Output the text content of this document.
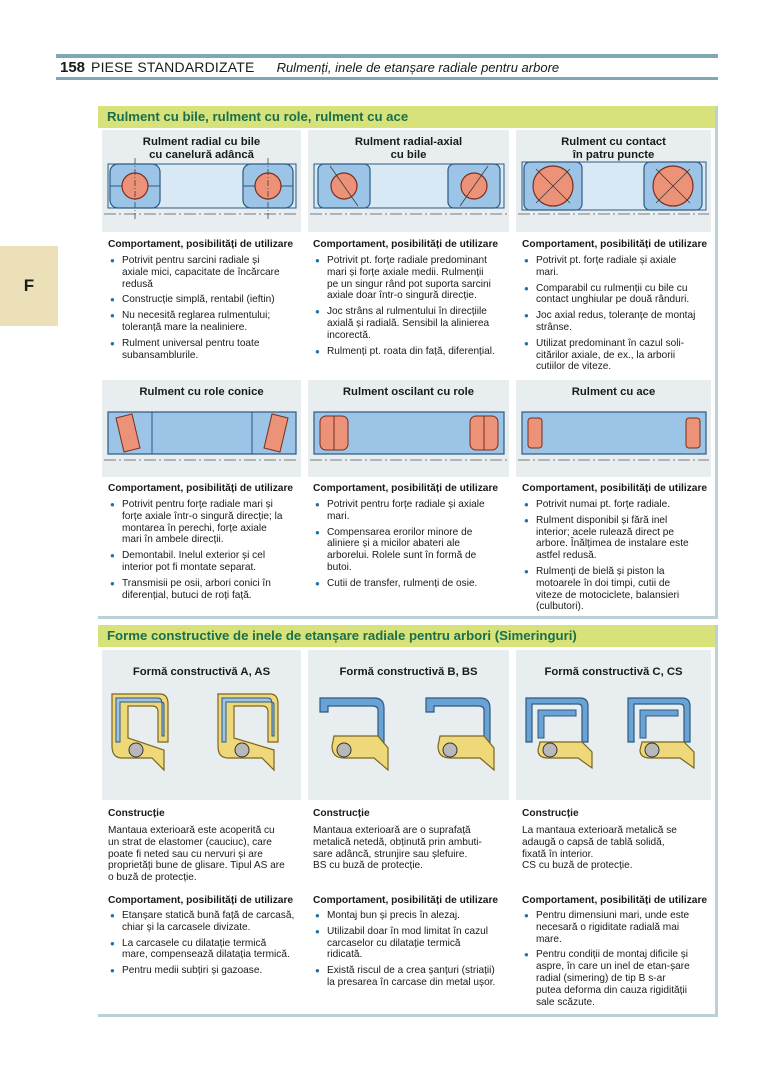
158 PIESE STANDARDIZATE Rulmenți, inele de etanșare radiale pentru arbore
F
Rulment cu bile, rulment cu role, rulment cu ace
Rulment radial cu bile
cu canelură adâncă
Rulment radial-axial
cu bile
Rulment cu contact
în patru puncte
Comportament, posibilități de utilizare
● Potrivit pentru sarcini radiale și
axiale mici, capacitate de încărcare
redusă
● Construcție simplă, rentabil (ieftin)
● Nu necesită reglarea rulmentului;
toleranță mare la nealiniere.
● Rulment universal pentru toate
subansamblurile.
Comportament, posibilități de utilizare
● Potrivit pt. forțe radiale predominant
mari și forțe axiale medii. Rulmenții
pe un singur rând pot suporta sarcini
axiale doar într-o singură direcție.
● Joc strâns al rulmentului în direcțiile
axială și radială. Sensibil la alinierea
incorectă.
● Rulmenți pt. roata din față, diferențial.
Comportament, posibilități de utilizare
● Potrivit pt. forțe radiale și axiale
mari.
● Comparabil cu rulmenții cu bile cu
contact unghiular pe două rânduri.
● Joc axial redus, toleranțe de montaj
strânse.
● Utilizat predominant în cazul soli-
citărilor axiale, de ex., la arborii
cutiilor de viteze.
Rulment cu role conice	Rulment oscilant cu role	Rulment cu ace
Comportament, posibilități de utilizare
● Potrivit pentru forțe radiale mari și
forțe axiale într-o singură direcție; la
montarea în perechi, forțe axiale
mari în ambele direcții.
● Demontabil. Inelul exterior și cel
interior pot fi montate separat.
● Transmisii pe osii, arbori conici în
diferențial, butuci de roți față.
Comportament, posibilități de utilizare
● Potrivit pentru forțe radiale și axiale
mari.
● Compensarea erorilor minore de
aliniere și a micilor abateri ale
arborelui. Rolele sunt în formă de
butoi.
● Cutii de transfer, rulmenți de osie.
Comportament, posibilități de utilizare
● Potrivit numai pt. forțe radiale.
● Rulment disponibil și fără inel
interior; acele rulează direct pe
arbore. Înălțimea de instalare este
astfel redusă.
● Rulmenți de bielă și piston la
motoarele în doi timpi, cutii de
viteze de motociclete, balansieri
(culbutori).
Forme constructive de inele de etanșare radiale pentru arbori (Simeringuri)
Formă constructivă A, AS	Formă constructivă B, BS	Formă constructivă C, CS
Construcție
Mantaua exterioară este acoperită cu
un strat de elastomer (cauciuc), care
poate fi neted sau cu nervuri și are
proprietăți bune de glisare. Tipul AS are
o buză de protecție.
Comportament, posibilități de utilizare
● Etanșare statică bună față de carcasă,
chiar și la carcasele divizate.
● La carcasele cu dilatație termică
mare, compensează dilatația termică.
● Pentru medii subțiri și gazoase.
Construcție
Mantaua exterioară are o suprafață
metalică netedă, obținută prin ambuti-
sare adâncă, strunjire sau șlefuire.
BS cu buză de protecție.
Comportament, posibilități de utilizare
● Montaj bun și precis în alezaj.
● Utilizabil doar în mod limitat în cazul
carcaselor cu dilatație termică
ridicată.
● Există riscul de a crea șanțuri (striații)
la presarea în carcase din metal ușor.
Construcție
La mantaua exterioară metalică se
adaugă o capsă de tablă solidă,
fixată în interior.
CS cu buză de protecție.
Comportament, posibilități de utilizare
● Pentru dimensiuni mari, unde este
necesară o rigiditate radială mai
mare.
● Pentru condiții de montaj dificile și
aspre, în care un inel de etan-șare
radial (simering) de tip B s-ar
putea deforma din cauza rigidității
sale scăzute.
